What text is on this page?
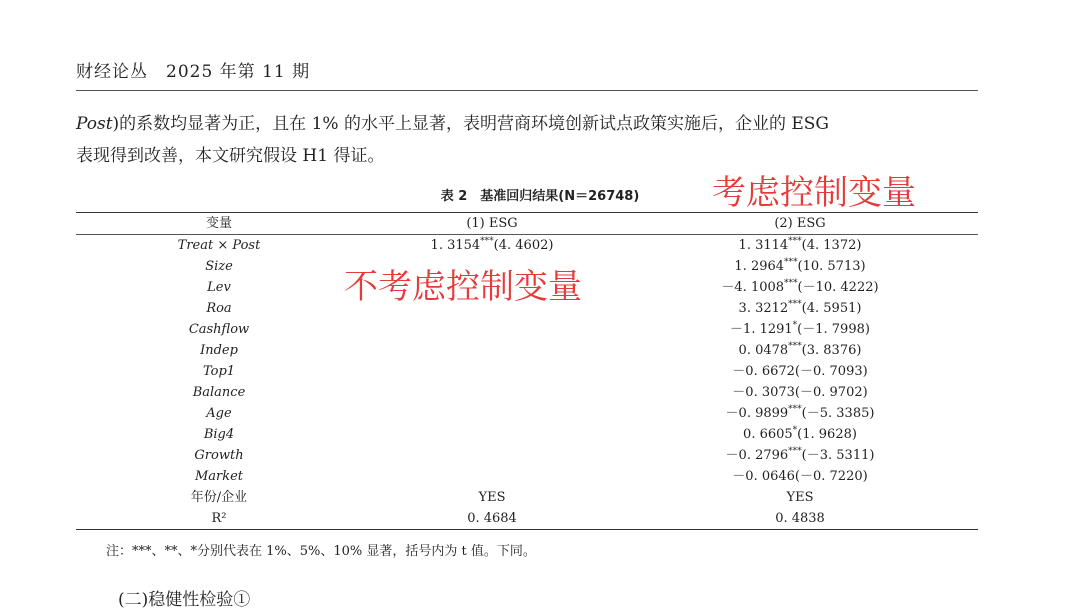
财经论丛　2025 年第 11 期
Post)的系数均显著为正，且在 1% 的水平上显著，表明营商环境创新试点政策实施后，企业的 ESG
表现得到改善，本文研究假设 H1 得证。
表 2　基准回归结果(N＝26748)
变量	(1) ESG	(2) ESG
Treat × Post	1. 3154***(4. 4602)	1. 3114***(4. 1372)
Size		1. 2964***(10. 5713)
Lev		－4. 1008***(－10. 4222)
Roa		3. 3212***(4. 5951)
Cashflow		－1. 1291*(－1. 7998)
Indep		0. 0478***(3. 8376)
Top1		－0. 6672(－0. 7093)
Balance		－0. 3073(－0. 9702)
Age		－0. 9899***(－5. 3385)
Big4		0. 6605*(1. 9628)
Growth		－0. 2796***(－3. 5311)
Market		－0. 0646(－0. 7220)
年份/企业	YES	YES
R²	0. 4684	0. 4838
注：***、**、*分别代表在 1%、5%、10% 显著，括号内为 t 值。下同。
(二)稳健性检验①
考虑控制变量
不考虑控制变量
